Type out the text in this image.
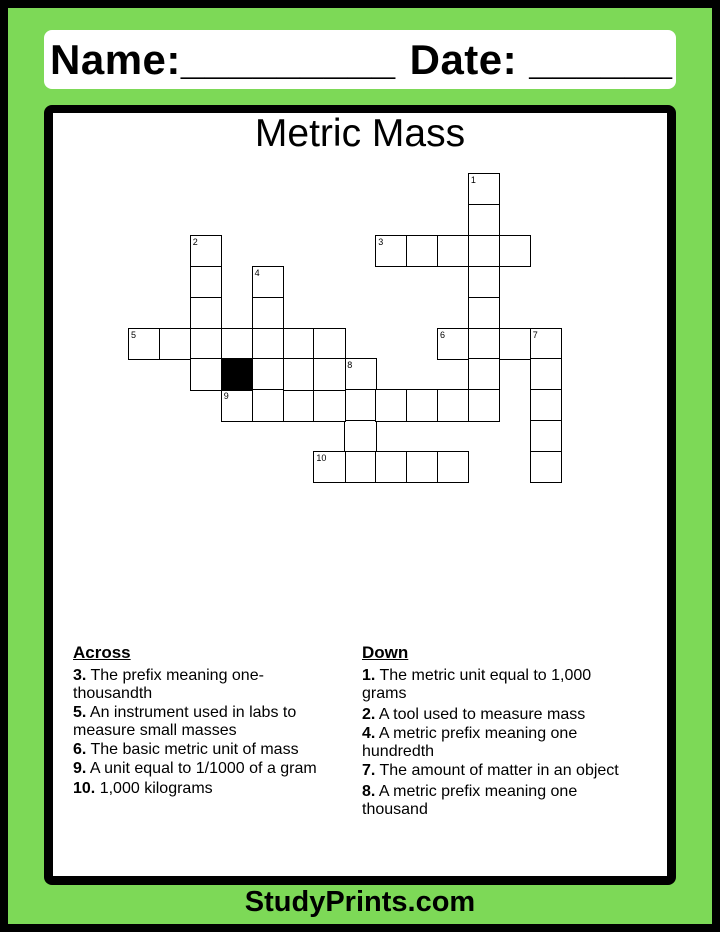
Name:_________ Date: ______
Metric Mass
1
2	3
4
5	6	7
8
9
10
Across
3. The prefix meaning one-thousandth
5. An instrument used in labs to measure small masses
6. The basic metric unit of mass
9. A unit equal to 1/1000 of a gram
10. 1,000 kilograms
Down
1. The metric unit equal to 1,000 grams
2. A tool used to measure mass
4. A metric prefix meaning one hundredth
7. The amount of matter in an object
8. A metric prefix meaning one thousand
StudyPrints.com
